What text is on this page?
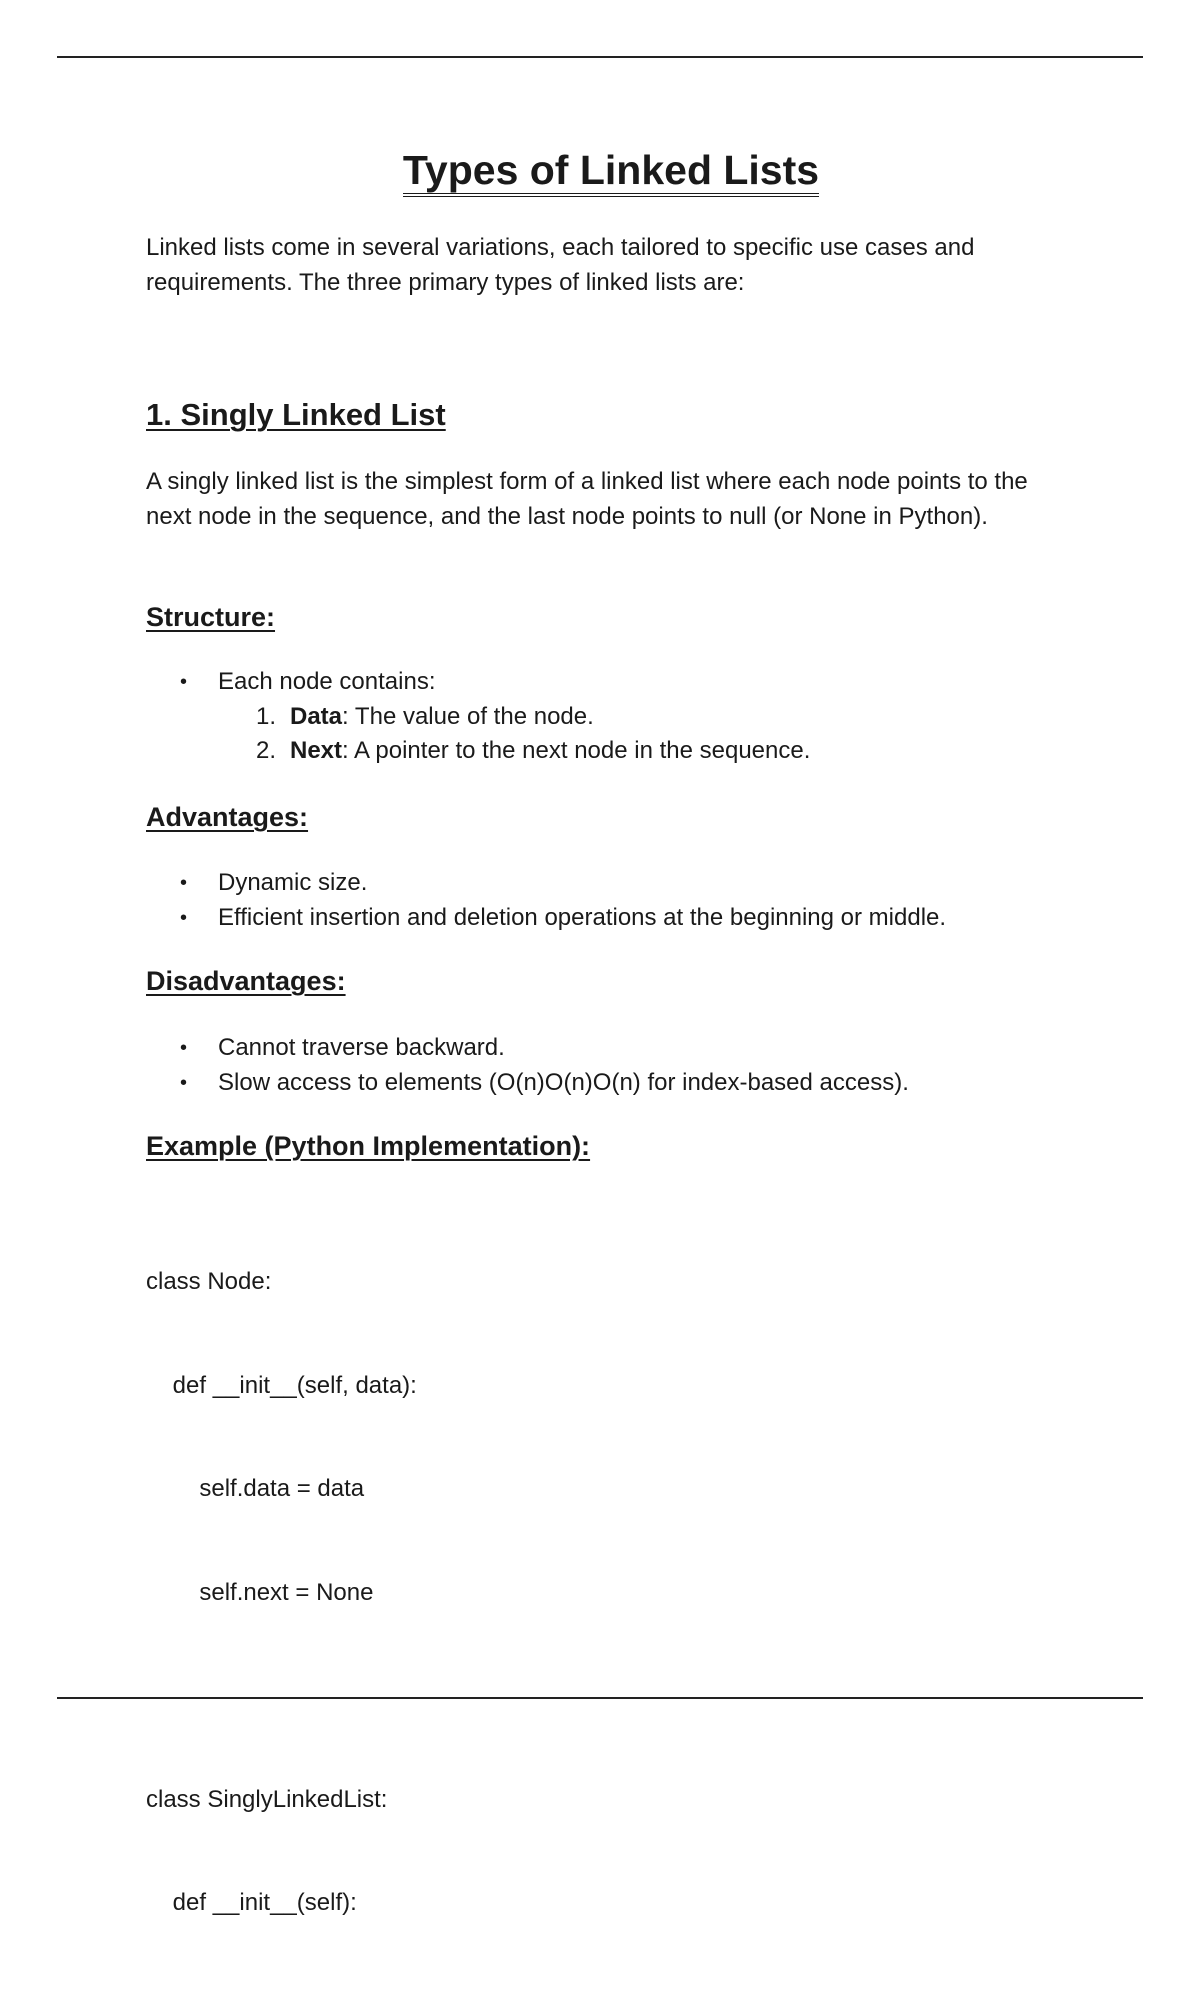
Types of Linked Lists

Linked lists come in several variations, each tailored to specific use cases and requirements. The three primary types of linked lists are:

1. Singly Linked List

A singly linked list is the simplest form of a linked list where each node points to the next node in the sequence, and the last node points to null (or None in Python).

Structure:
• Each node contains:
1. Data: The value of the node.
2. Next: A pointer to the next node in the sequence.
Advantages:
• Dynamic size.
• Efficient insertion and deletion operations at the beginning or middle.
Disadvantages:
• Cannot traverse backward.
• Slow access to elements (O(n)O(n)O(n) for index-based access).
Example (Python Implementation):

class Node:

def __init__(self, data):

self.data = data

self.next = None

class SinglyLinkedList:

def __init__(self):
